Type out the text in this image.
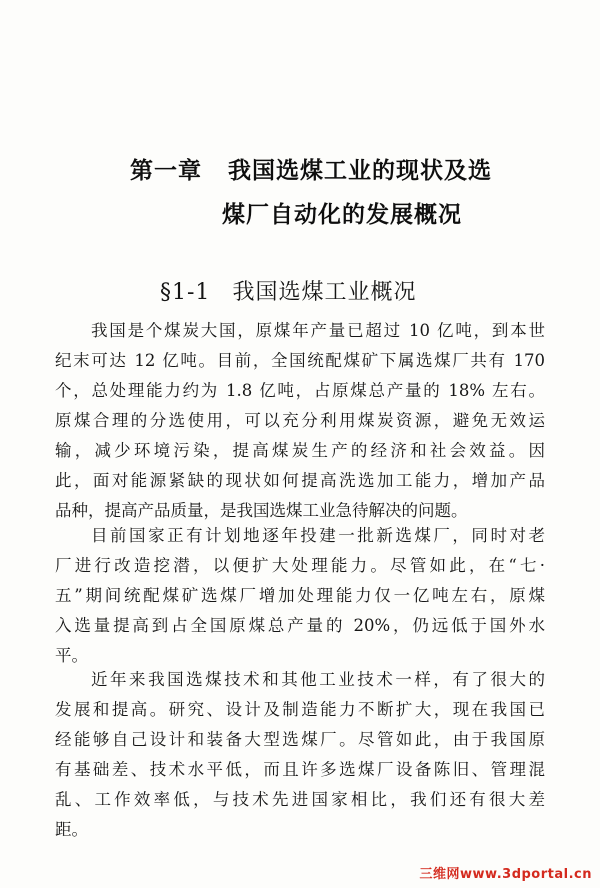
第一章 我国选煤工业的现状及选
煤厂自动化的发展概况
§1-1 我国选煤工业概况
我国是个煤炭大国，原煤年产量已超过 10 亿吨，到本世
纪末可达 12 亿吨。目前，全国统配煤矿下属选煤厂共有 170
个，总处理能力约为 1.8 亿吨，占原煤总产量的 18% 左右。
原煤合理的分选使用，可以充分利用煤炭资源，避免无效运
输，减少环境污染，提高煤炭生产的经济和社会效益。因
此，面对能源紧缺的现状如何提高洗选加工能力，增加产品
品种，提高产品质量，是我国选煤工业急待解决的问题。
目前国家正有计划地逐年投建一批新选煤厂，同时对老
厂进行改造挖潜，以便扩大处理能力。尽管如此，在“七·
五”期间统配煤矿选煤厂增加处理能力仅一亿吨左右，原煤
入选量提高到占全国原煤总产量的 20%，仍远低于国外水
平。
近年来我国选煤技术和其他工业技术一样，有了很大的
发展和提高。研究、设计及制造能力不断扩大，现在我国已
经能够自己设计和装备大型选煤厂。尽管如此，由于我国原
有基础差、技术水平低，而且许多选煤厂设备陈旧、管理混
乱、工作效率低，与技术先进国家相比，我们还有很大差
距。
三维网www.3dportal.cn
